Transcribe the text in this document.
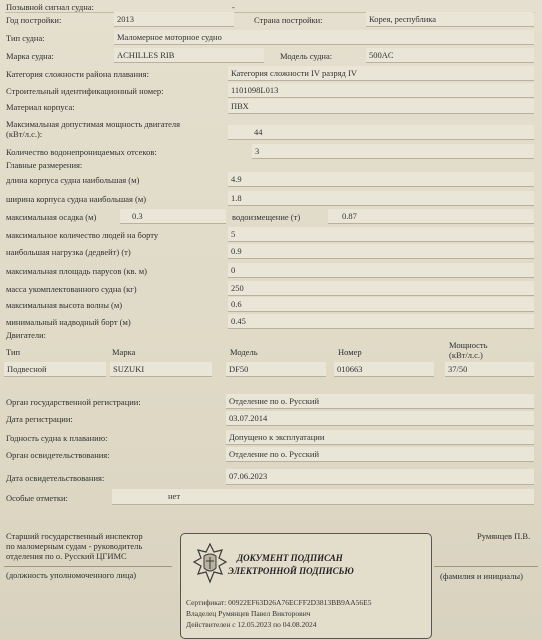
Позывной сигнал судна:	-
Год постройки:	2013	Страна постройки:	Корея, республика
Тип судна:	Маломерное моторное судно
Марка судна:	ACHILLES RIB	Модель судна:	500AC
Категория сложности района плавания:	Категория сложности IV разряд IV
Строительный идентификационный номер:	1101098L013
Материал корпуса:	ПВХ
Максимальная допустимая мощность двигателя
(кВт/л.с.):	44
Количество водонепроницаемых отсеков:	3
Главные размерения:
длина корпуса судна наибольшая (м)	4.9
ширина корпуса судна наибольшая (м)	1.8
максимальная осадка (м)	0.3	водоизмещение (т)	0.87
максимальное количество людей на борту	5
наибольшая нагрузка (дедвейт) (т)	0.9
максимальная площадь парусов (кв. м)	0
масса укомплектованного судна (кг)	250
максимальная высота волны (м)	0.6
минимальный надводный борт (м)	0.45
Двигатели:
Тип	Марка	Модель	Номер
Мощность
(кВт/л.с.)
Подвесной	SUZUKI	DF50	010663	37/50
Орган государственной регистрации:	Отделение по о. Русский
Дата регистрации:	03.07.2014
Годность судна к плаванию:	Допущено к эксплуатации
Орган освидетельствования:	Отделение по о. Русский
Дата освидетельствования:	07.06.2023
Особые отметки:	нет
Старший государственный инспектор
по маломерным судам - руководитель
отделения по о. Русский ЦГИМС
(должность уполномоченного лица)
Румянцев П.В.
(фамилия и инициалы)
ДОКУМЕНТ ПОДПИСАН
ЭЛЕКТРОННОЙ ПОДПИСЬЮ
Сертификат: 00922EF63D26A76ECFF2D3813BB9AA56E5
Владелец Румянцев Павел Викторович
Действителен с 12.05.2023 по 04.08.2024
